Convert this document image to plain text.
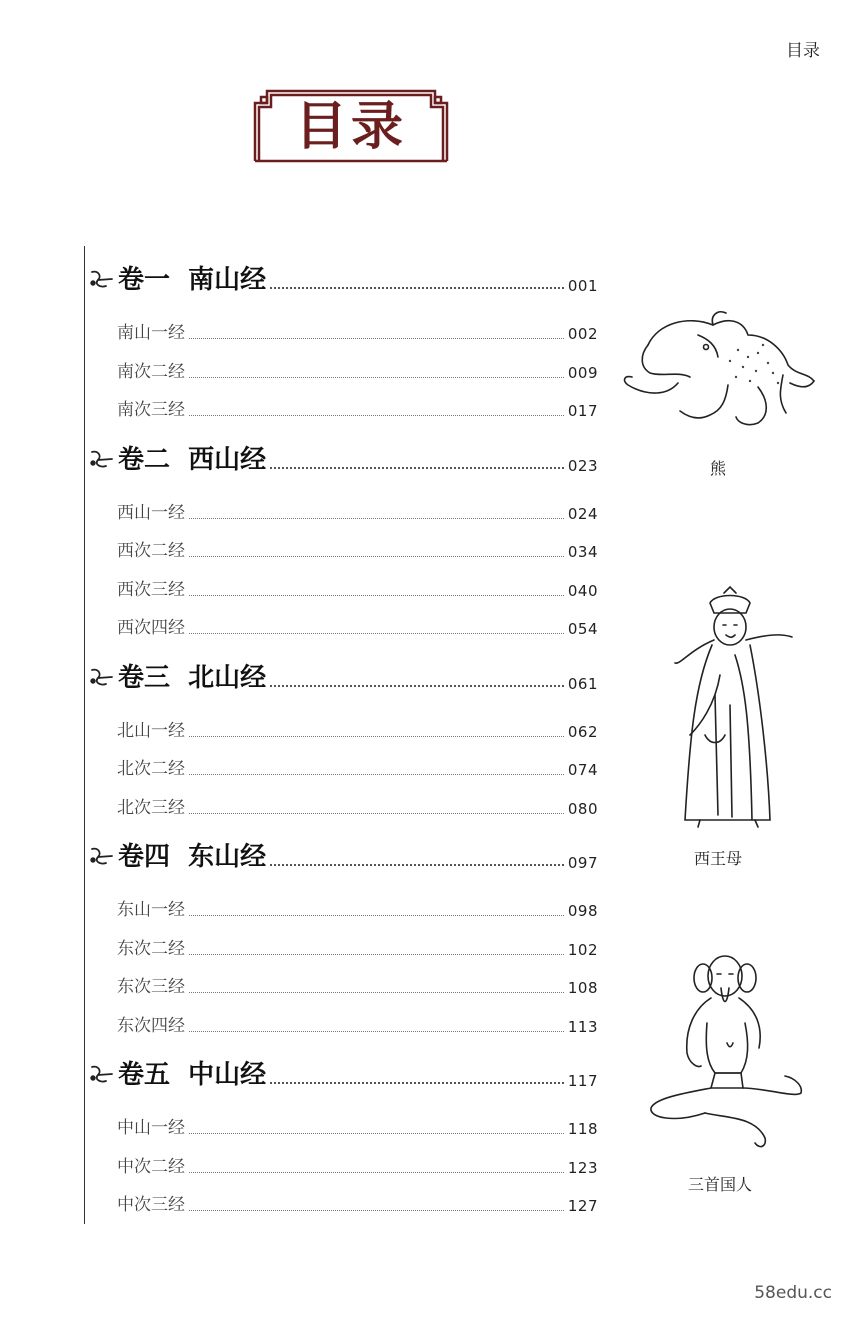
目录
目录
卷一  南山经	001
南山一经	002
南次二经	009
南次三经	017
卷二  西山经	023
西山一经	024
西次二经	034
西次三经	040
西次四经	054
卷三  北山经	061
北山一经	062
北次二经	074
北次三经	080
卷四  东山经	097
东山一经	098
东次二经	102
东次三经	108
东次四经	113
卷五  中山经	117
中山一经	118
中次二经	123
中次三经	127
熊
西王母
三首国人
58edu.cc
